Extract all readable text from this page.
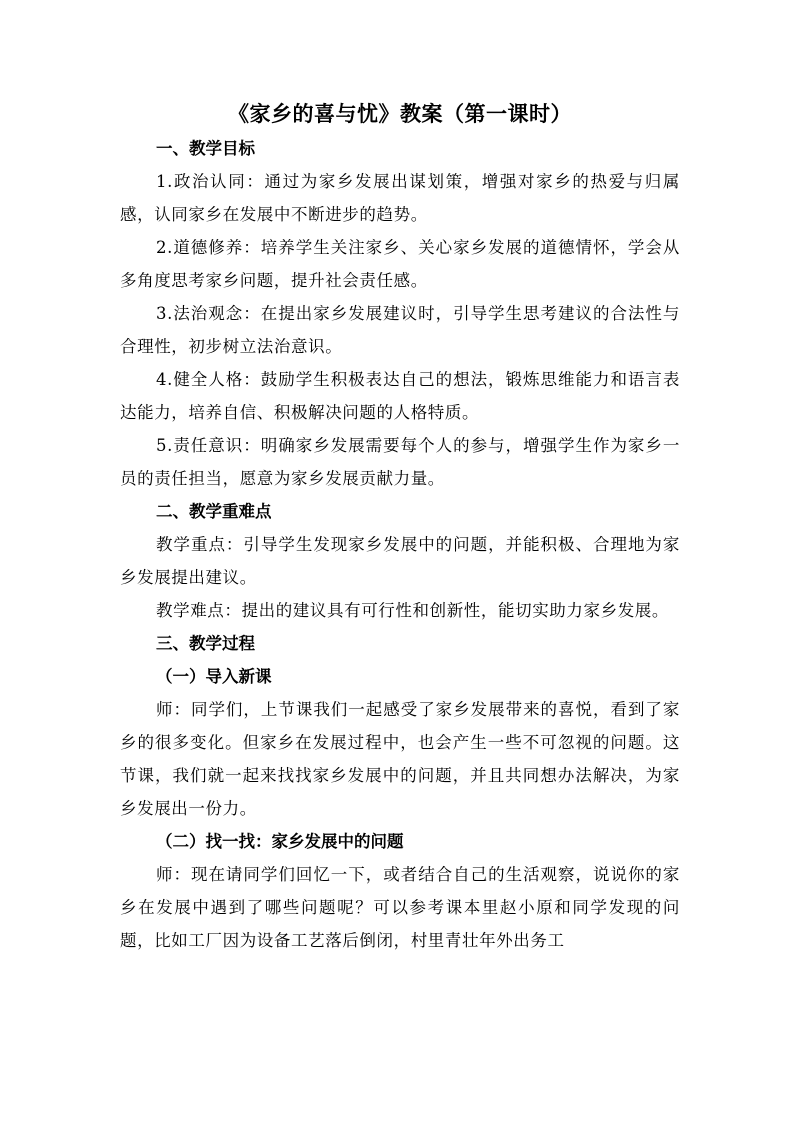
《家乡的喜与忧》教案（第一课时）
一、教学目标

1.政治认同：通过为家乡发展出谋划策，增强对家乡的热爱与归属感，认同家乡在发展中不断进步的趋势。

2.道德修养：培养学生关注家乡、关心家乡发展的道德情怀，学会从多角度思考家乡问题，提升社会责任感。

3.法治观念：在提出家乡发展建议时，引导学生思考建议的合法性与合理性，初步树立法治意识。

4.健全人格：鼓励学生积极表达自己的想法，锻炼思维能力和语言表达能力，培养自信、积极解决问题的人格特质。

5.责任意识：明确家乡发展需要每个人的参与，增强学生作为家乡一员的责任担当，愿意为家乡发展贡献力量。

二、教学重难点

教学重点：引导学生发现家乡发展中的问题，并能积极、合理地为家乡发展提出建议。

教学难点：提出的建议具有可行性和创新性，能切实助力家乡发展。

三、教学过程
（一）导入新课

师：同学们，上节课我们一起感受了家乡发展带来的喜悦，看到了家乡的很多变化。但家乡在发展过程中，也会产生一些不可忽视的问题。这节课，我们就一起来找找家乡发展中的问题，并且共同想办法解决，为家乡发展出一份力。

（二）找一找：家乡发展中的问题

师：现在请同学们回忆一下，或者结合自己的生活观察，说说你的家乡在发展中遇到了哪些问题呢？可以参考课本里赵小原和同学发现的问题，比如工厂因为设备工艺落后倒闭，村里青壮年外出务工
